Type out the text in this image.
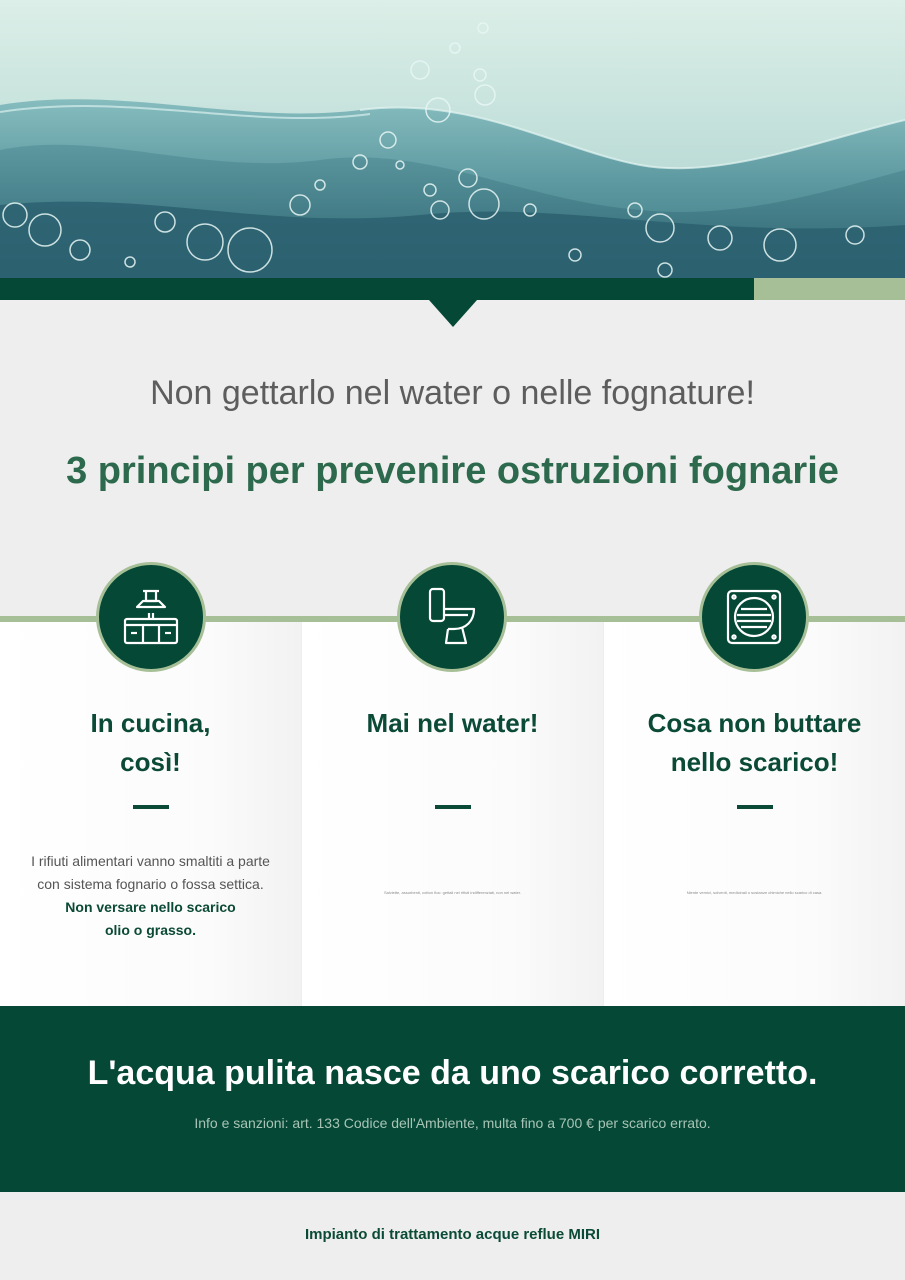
Non gettarlo nel water o nelle fognature!
3 principi per prevenire ostruzioni fognarie
In cucina,
così!
I rifiuti alimentari vanno smaltiti a parte
con sistema fognario o fossa settica.
Non versare nello scarico
olio o grasso.
Mai nel water!
Salviette, assorbenti, cotton fioc: gettali nei rifiuti indifferenziati, non nel water.
Cosa non buttare
nello scarico!
Niente vernici, solventi, medicinali o sostanze chimiche nello scarico di casa.
L'acqua pulita nasce da uno scarico corretto.
Info e sanzioni: art. 133 Codice dell'Ambiente, multa fino a 700 € per scarico errato.
Impianto di trattamento acque reflue MIRI
